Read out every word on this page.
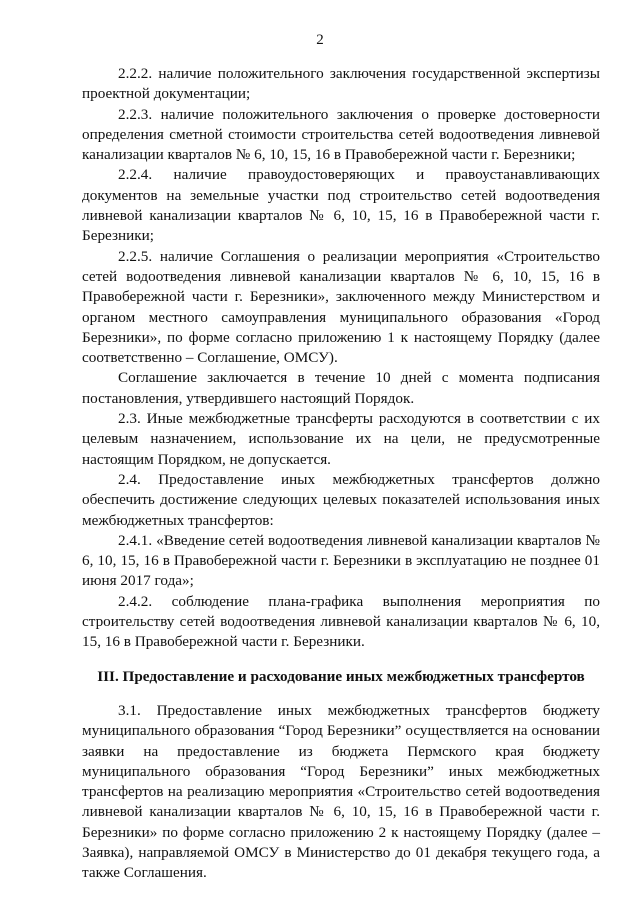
2

2.2.2. наличие положительного заключения государственной экспертизы проектной документации;

2.2.3. наличие положительного заключения о проверке достоверности определения сметной стоимости строительства сетей водоотведения ливневой канализации кварталов № 6, 10, 15, 16 в Правобережной части г. Березники;

2.2.4. наличие правоудостоверяющих и правоустанавливающих документов на земельные участки под строительство сетей водоотведения ливневой канализации кварталов № 6, 10, 15, 16 в Правобережной части г. Березники;

2.2.5. наличие Соглашения о реализации мероприятия «Строительство сетей водоотведения ливневой канализации кварталов № 6, 10, 15, 16 в Правобережной части г. Березники», заключенного между Министерством и органом местного самоуправления муниципального образования «Город Березники», по форме согласно приложению 1 к настоящему Порядку (далее соответственно – Соглашение, ОМСУ).

Соглашение заключается в течение 10 дней с момента подписания постановления, утвердившего настоящий Порядок.

2.3. Иные межбюджетные трансферты расходуются в соответствии с их целевым назначением, использование их на цели, не предусмотренные настоящим Порядком, не допускается.

2.4. Предоставление иных межбюджетных трансфертов должно обеспечить достижение следующих целевых показателей использования иных межбюджетных трансфертов:

2.4.1. «Введение сетей водоотведения ливневой канализации кварталов № 6, 10, 15, 16 в Правобережной части г. Березники в эксплуатацию не позднее 01 июня 2017 года»;

2.4.2. соблюдение плана-графика выполнения мероприятия по строительству сетей водоотведения ливневой канализации кварталов № 6, 10, 15, 16 в Правобережной части г. Березники.

III. Предоставление и расходование иных межбюджетных трансфертов

3.1. Предоставление иных межбюджетных трансфертов бюджету муниципального образования “Город Березники” осуществляется на основании заявки на предоставление из бюджета Пермского края бюджету муниципального образования “Город Березники” иных межбюджетных трансфертов на реализацию мероприятия «Строительство сетей водоотведения ливневой канализации кварталов № 6, 10, 15, 16 в Правобережной части г. Березники» по форме согласно приложению 2 к настоящему Порядку (далее – Заявка), направляемой ОМСУ в Министерство до 01 декабря текущего года, а также Соглашения.
